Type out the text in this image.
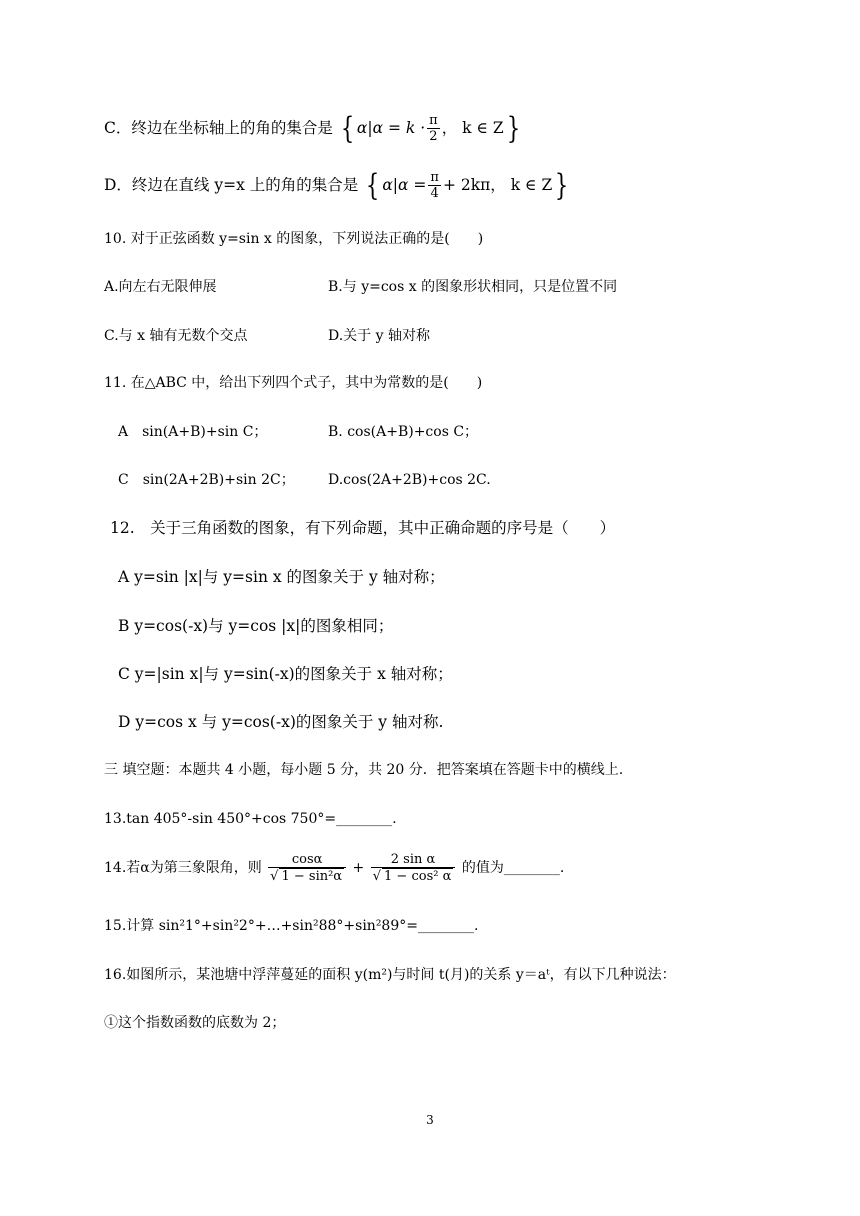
C．终边在坐标轴上的角的集合是 { $\alpha|\alpha = k \cdot \frac{\pi}{2}$ ， k ∈ Z}
D．终边在直线 y=x 上的角的集合是 { $\alpha|\alpha = \frac{\pi}{4} + 2k\pi$， k ∈ Z}
10. 对于正弦函数 y=sin x 的图象，下列说法正确的是(　　)
A.向左右无限伸展	B.与 y=cos x 的图象形状相同，只是位置不同
C.与 x 轴有无数个交点	D.关于 y 轴对称
11. 在△ABC 中，给出下列四个式子，其中为常数的是(　　)
A　sin(A+B)+sin C；	B. cos(A+B)+cos C；
C　sin(2A+2B)+sin 2C； D.cos(2A+2B)+cos 2C.
12.　关于三角函数的图象，有下列命题，其中正确命题的序号是（　　）
A y=sin |x|与 y=sin x 的图象关于 y 轴对称；
B y=cos(-x)与 y=cos |x|的图象相同；
C y=|sin x|与 y=sin(-x)的图象关于 x 轴对称；
D y=cos x 与 y=cos(-x)的图象关于 y 轴对称.
三 填空题：本题共 4 小题，每小题 5 分，共 20 分．把答案填在答题卡中的横线上.
13.tan 405°-sin 450°+cos 750°=________.
14.若α为第三象限角，则 $\frac{\cos\alpha}{\text{√ 1 − sin²α}} + \frac{\text{2 sin α}}{\text{√ 1 − cos² α}}$ 的值为________.
15.计算 sin²1°+sin²2°+…+sin²88°+sin²89°=________.
16.如图所示，某池塘中浮萍蔓延的面积 y(m²)与时间 t(月)的关系 y＝aᵗ，有以下几种说法：
①这个指数函数的底数为 2；
3
